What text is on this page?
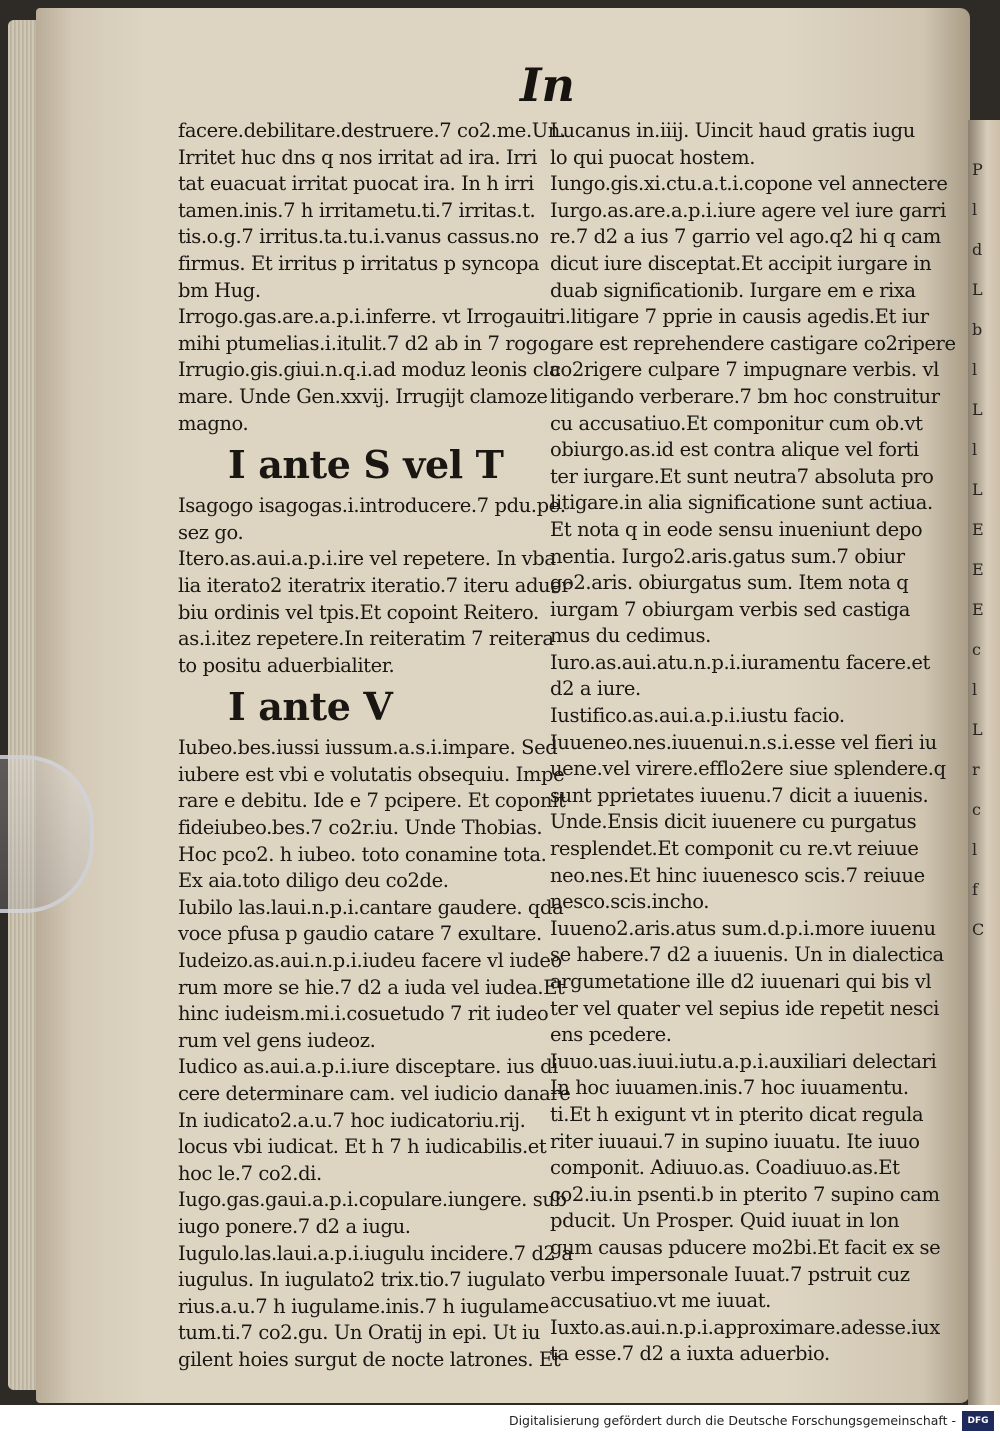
P
l
d
L
b
l
L
l
L
E
E
E
c
l
L
r
c
l
f
C
In

facere.debilitare.destruere.7 co2.me.Un.

Irritet huc dns q nos irritat ad ira. Irri

tat euacuat irritat puocat ira. In h irri

tamen.inis.7 h irritametu.ti.7 irritas.t.

tis.o.g.7 irritus.ta.tu.i.vanus cassus.no

firmus. Et irritus p irritatus p syncopa

bm Hug.

Irrogo.gas.are.a.p.i.inferre. vt Irrogauit

mihi ptumelias.i.itulit.7 d2 ab in 7 rogo.

Irrugio.gis.giui.n.q.i.ad moduz leonis cla

mare. Unde Gen.xxvij. Irrugijt clamoze

magno.

I ante S vel T

Isagogo isagogas.i.introducere.7 pdu.pe.

sez go.

Itero.as.aui.a.p.i.ire vel repetere. In vba

lia iterato2 iteratrix iteratio.7 iteru aduer

biu ordinis vel tpis.Et copoint Reitero.

as.i.itez repetere.In reiteratim 7 reitera

to positu aduerbialiter.

I ante V

Iubeo.bes.iussi iussum.a.s.i.impare. Sed

iubere est vbi e volutatis obsequiu. Impe

rare e debitu. Ide e 7 pcipere. Et coponit

fideiubeo.bes.7 co2r.iu. Unde Thobias.

Hoc pco2. h iubeo. toto conamine tota.

Ex aia.toto diligo deu co2de.

Iubilo las.laui.n.p.i.cantare gaudere. qda

voce pfusa p gaudio catare 7 exultare.

Iudeizo.as.aui.n.p.i.iudeu facere vl iudeo

rum more se hie.7 d2 a iuda vel iudea.Et

hinc iudeism.mi.i.cosuetudo 7 rit iudeo

rum vel gens iudeoz.

Iudico as.aui.a.p.i.iure disceptare. ius di

cere determinare cam. vel iudicio danare

In iudicato2.a.u.7 hoc iudicatoriu.rij.

locus vbi iudicat. Et h 7 h iudicabilis.et

hoc le.7 co2.di.

Iugo.gas.gaui.a.p.i.copulare.iungere. sub

iugo ponere.7 d2 a iugu.

Iugulo.las.laui.a.p.i.iugulu incidere.7 d2 a

iugulus. In iugulato2 trix.tio.7 iugulato

rius.a.u.7 h iugulame.inis.7 h iugulame

tum.ti.7 co2.gu. Un Oratij in epi. Ut iu

gilent hoies surgut de nocte latrones. Et

Lucanus in.iiij. Uincit haud gratis iugu

lo qui puocat hostem.

Iungo.gis.xi.ctu.a.t.i.copone vel annectere

Iurgo.as.are.a.p.i.iure agere vel iure garri

re.7 d2 a ius 7 garrio vel ago.q2 hi q cam

dicut iure disceptat.Et accipit iurgare in

duab significationib. Iurgare em e rixa

ri.litigare 7 pprie in causis agedis.Et iur

gare est reprehendere castigare co2ripere

co2rigere culpare 7 impugnare verbis. vl

litigando verberare.7 bm hoc construitur

cu accusatiuo.Et componitur cum ob.vt

obiurgo.as.id est contra alique vel forti

ter iurgare.Et sunt neutra7 absoluta pro

litigare.in alia significatione sunt actiua.

Et nota q in eode sensu inueniunt depo

nentia. Iurgo2.aris.gatus sum.7 obiur

go2.aris. obiurgatus sum. Item nota q

iurgam 7 obiurgam verbis sed castiga

mus du cedimus.

Iuro.as.aui.atu.n.p.i.iuramentu facere.et

d2 a iure.

Iustifico.as.aui.a.p.i.iustu facio.

Iuueneo.nes.iuuenui.n.s.i.esse vel fieri iu

uene.vel virere.efflo2ere siue splendere.q

sunt pprietates iuuenu.7 dicit a iuuenis.

Unde.Ensis dicit iuuenere cu purgatus

resplendet.Et componit cu re.vt reiuue

neo.nes.Et hinc iuuenesco scis.7 reiuue

nesco.scis.incho.

Iuueno2.aris.atus sum.d.p.i.more iuuenu

se habere.7 d2 a iuuenis. Un in dialectica

argumetatione ille d2 iuuenari qui bis vl

ter vel quater vel sepius ide repetit nesci

ens pcedere.

Iuuo.uas.iuui.iutu.a.p.i.auxiliari delectari

In hoc iuuamen.inis.7 hoc iuuamentu.

ti.Et h exigunt vt in pterito dicat regula

riter iuuaui.7 in supino iuuatu. Ite iuuo

componit. Adiuuo.as. Coadiuuo.as.Et

co2.iu.in psenti.b in pterito 7 supino cam

pducit. Un Prosper. Quid iuuat in lon

gum causas pducere mo2bi.Et facit ex se

verbu impersonale Iuuat.7 pstruit cuz

accusatiuo.vt me iuuat.

Iuxto.as.aui.n.p.i.approximare.adesse.iux

ta esse.7 d2 a iuxta aduerbio.

Digitalisierung gefördert durch die Deutsche Forschungsgemeinschaft -	DFG
